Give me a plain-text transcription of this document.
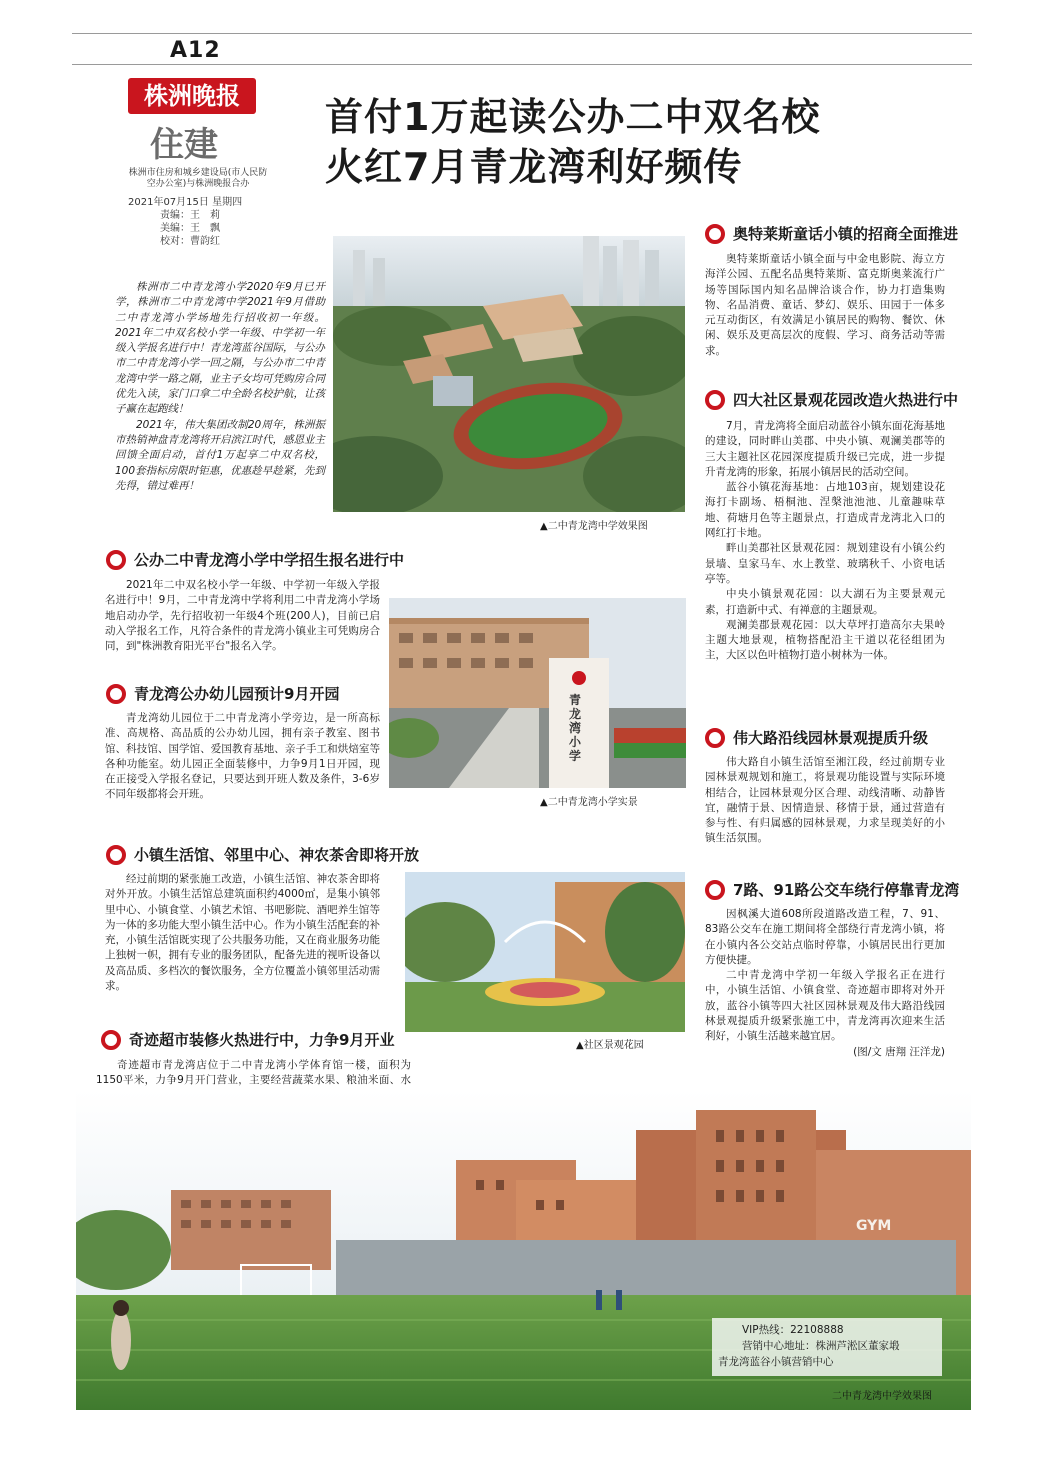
A12
株洲晚报
住建
株洲市住房和城乡建设局(市人民防空办公室)与株洲晚报合办
2021年07月15日 星期四
责编：王　莉
美编：王　飘
校对：曹韵红
首付1万起读公办二中双名校
火红7月青龙湾利好频传

株洲市二中青龙湾小学2020年9月已开学，株洲市二中青龙湾中学2021年9月借助二中青龙湾小学场地先行招收初一年级。2021年二中双名校小学一年级、中学初一年级入学报名进行中！青龙湾蓝谷国际，与公办市二中青龙湾小学一回之隔，与公办市二中青龙湾中学一路之隔，业主子女均可凭购房合同优先入读，家门口拿二中全龄名校护航，让孩子赢在起跑线！

2021年，伟大集团改制20周年，株洲振市热销神盘青龙湾将开启滨江时代，感恩业主回馈全面启动，首付1万起享二中双名校，100套指标房限时钜惠，优惠趁早趁紧，先到先得，错过难再！

▲二中青龙湾中学效果图
公办二中青龙湾小学中学招生报名进行中

2021年二中双名校小学一年级、中学初一年级入学报名进行中！9月，二中青龙湾中学将利用二中青龙湾小学场地启动办学，先行招收初一年级4个班(200人)，目前已启动入学报名工作，凡符合条件的青龙湾小镇业主可凭购房合同，到"株洲教育阳光平台"报名入学。

青龙湾公办幼儿园预计9月开园

青龙湾幼儿园位于二中青龙湾小学旁边，是一所高标准、高规格、高品质的公办幼儿园，拥有亲子教室、图书馆、科技馆、国学馆、爱国教育基地、亲子手工和烘焙室等各种功能室。幼儿园正全面装修中，力争9月1日开园，现在正接受入学报名登记，只要达到开班人数及条件，3-6岁不同年级都将会开班。

青龙湾小学
▲二中青龙湾小学实景
小镇生活馆、邻里中心、神农茶舍即将开放

经过前期的紧张施工改造，小镇生活馆、神农茶舍即将对外开放。小镇生活馆总建筑面积约4000㎡，是集小镇邻里中心、小镇食堂、小镇艺术馆、书吧影院、酒吧养生馆等为一体的多功能大型小镇生活中心。作为小镇生活配套的补充，小镇生活馆既实现了公共服务功能，又在商业服务功能上独树一帜，拥有专业的服务团队，配备先进的视听设备以及高品质、多档次的餐饮服务，全方位覆盖小镇邻里活动需求。

▲社区景观花园
奇迹超市装修火热进行中，力争9月开业

奇迹超市青龙湾店位于二中青龙湾小学体育馆一楼，面积为1150平米，力争9月开门营业，主要经营蔬菜水果、粮油米面、水

奥特莱斯童话小镇的招商全面推进

奥特莱斯童话小镇全面与中金电影院、海立方海洋公园、五配名品奥特莱斯、富克斯奥莱流行广场等国际国内知名品牌洽谈合作，协力打造集购物、名品消费、童话、梦幻、娱乐、田园于一体多元互动街区，有效满足小镇居民的购物、餐饮、休闲、娱乐及更高层次的度假、学习、商务活动等需求。

四大社区景观花园改造火热进行中

7月，青龙湾将全面启动蓝谷小镇东面花海基地的建设，同时畔山美郡、中央小镇、观澜美郡等的三大主题社区花园深度提质升级已完成，进一步提升青龙湾的形象，拓展小镇居民的活动空间。

蓝谷小镇花海基地：占地103亩，规划建设花海打卡副场、梧桐池、涅槃池池池、儿童趣味草地、荷塘月色等主题景点，打造成青龙湾北入口的网红打卡地。

畔山美郡社区景观花园：规划建设有小镇公约景墙、皇家马车、水上教堂、玻璃秋千、小资电话亭等。

中央小镇景观花园：以大湖石为主要景观元素，打造新中式、有禅意的主题景观。

观澜美郡景观花园：以大草坪打造高尔夫果岭主题大地景观，植物搭配沿主干道以花径组团为主，大区以色叶植物打造小树林为一体。

伟大路沿线园林景观提质升级

伟大路自小镇生活馆至湘江段，经过前期专业园林景观规划和施工，将景观功能设置与实际环境相结合，让园林景观分区合理、动线清晰、动静皆宜，融情于景、因情造景、移情于景，通过营造有参与性、有归属感的园林景观，力求呈现美好的小镇生活氛围。

7路、91路公交车绕行停靠青龙湾

因枫溪大道608所段道路改造工程，7、91、83路公交车在施工期间将全部绕行青龙湾小镇，将在小镇内各公交站点临时停靠，小镇居民出行更加方便快捷。

二中青龙湾中学初一年级入学报名正在进行中，小镇生活馆、小镇食堂、奇迹超市即将对外开放，蓝谷小镇等四大社区园林景观及伟大路沿线园林景观提质升级紧张施工中，青龙湾再次迎来生活利好，小镇生活越来越宜居。

(图/文 唐翔 汪洋龙)
GYM
二中青龙湾中学效果图
VIP热线：22108888
营销中心地址：株洲芦淞区董家塅
青龙湾蓝谷小镇营销中心
